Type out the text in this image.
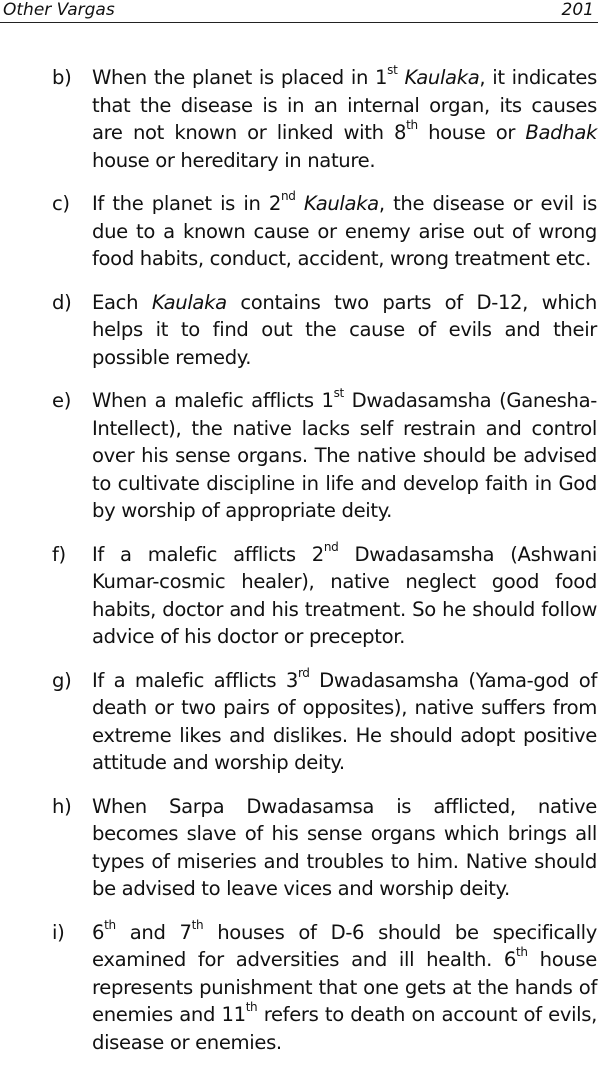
Other Vargas	201
b) When the planet is placed in 1st Kaulaka, it indicates that the disease is in an internal organ, its causes are not known or linked with 8th house or Badhak house or hereditary in nature.

c) If the planet is in 2nd Kaulaka, the disease or evil is due to a known cause or enemy arise out of wrong food habits, conduct, accident, wrong treatment etc.

d) Each Kaulaka contains two parts of D-12, which helps it to find out the cause of evils and their possible remedy.

e) When a malefic afflicts 1st Dwadasamsha (Ganesha-Intellect), the native lacks self restrain and control over his sense organs. The native should be advised to cultivate discipline in life and develop faith in God by worship of appropriate deity.

f) If a malefic afflicts 2nd Dwadasamsha (Ashwani Kumar-cosmic healer), native neglect good food habits, doctor and his treatment. So he should follow advice of his doctor or preceptor.

g) If a malefic afflicts 3rd Dwadasamsha (Yama-god of death or two pairs of opposites), native suffers from extreme likes and dislikes. He should adopt positive attitude and worship deity.

h) When Sarpa Dwadasamsa is afflicted, native becomes slave of his sense organs which brings all types of miseries and troubles to him. Native should be advised to leave vices and worship deity.

i) 6th and 7th houses of D-6 should be specifically examined for adversities and ill health. 6th house represents punishment that one gets at the hands of enemies and 11th refers to death on account of evils, disease or enemies.
